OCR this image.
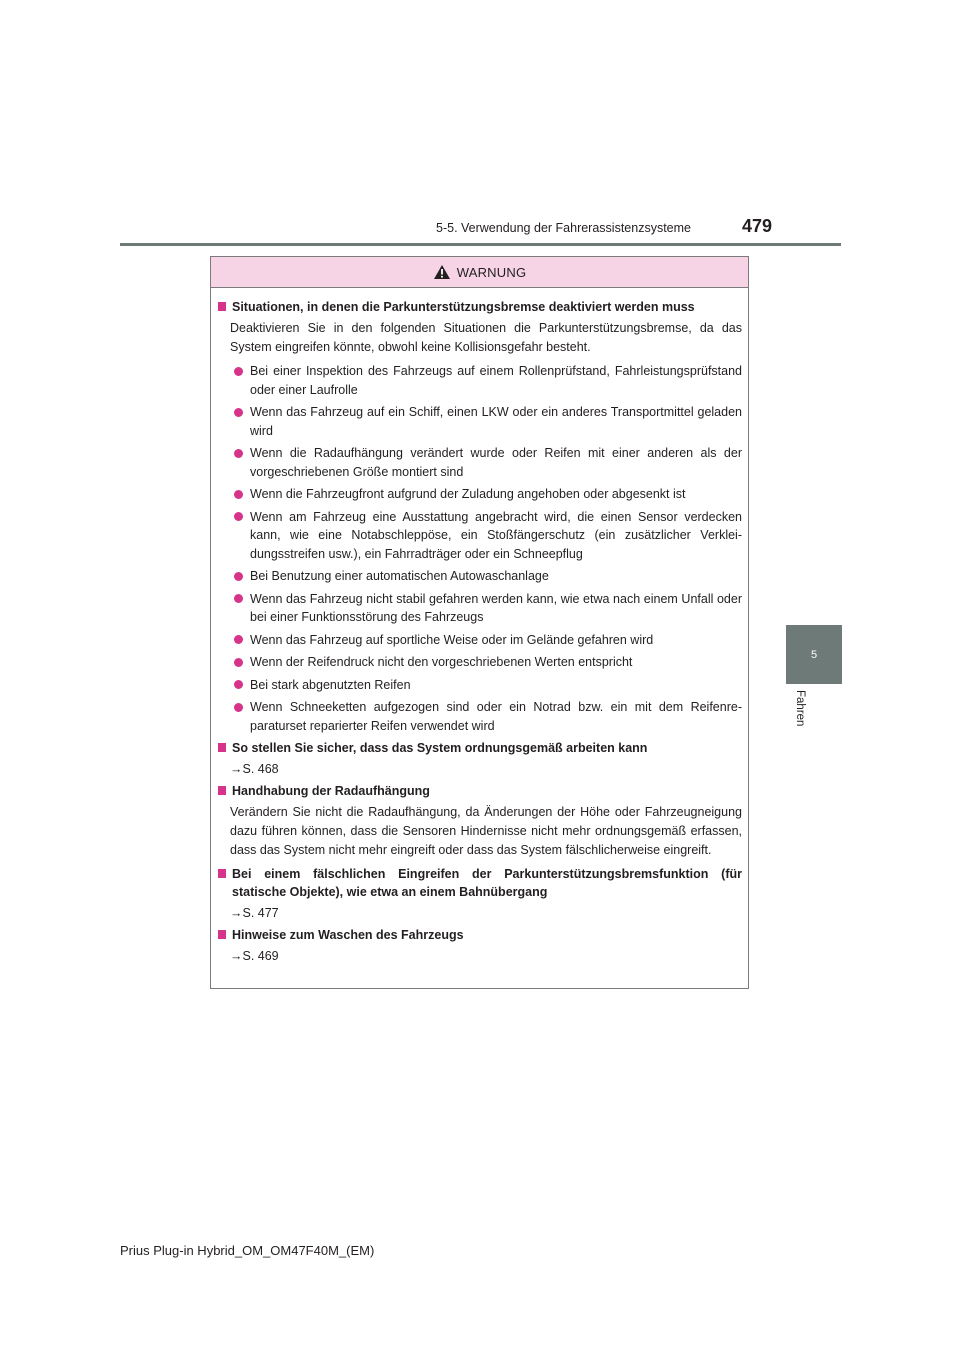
5-5. Verwendung der Fahrerassistenzsysteme	479
5
Fahren
WARNUNG
Situationen, in denen die Parkunterstützungsbremse deaktiviert werden muss
Deaktivieren Sie in den folgenden Situationen die Parkunterstützungsbremse, da das System eingreifen könnte, obwohl keine Kollisionsgefahr besteht.
Bei einer Inspektion des Fahrzeugs auf einem Rollenprüfstand, Fahrleistungsprüfstand oder einer Laufrolle
Wenn das Fahrzeug auf ein Schiff, einen LKW oder ein anderes Transportmittel geladen wird
Wenn die Radaufhängung verändert wurde oder Reifen mit einer anderen als der vorgeschriebenen Größe montiert sind
Wenn die Fahrzeugfront aufgrund der Zuladung angehoben oder abgesenkt ist
Wenn am Fahrzeug eine Ausstattung angebracht wird, die einen Sensor verdecken kann, wie eine Notabschleppöse, ein Stoßfängerschutz (ein zusätzlicher Verkleidungsstreifen usw.), ein Fahrradträger oder ein Schneepflug
Bei Benutzung einer automatischen Autowaschanlage
Wenn das Fahrzeug nicht stabil gefahren werden kann, wie etwa nach einem Unfall oder bei einer Funktionsstörung des Fahrzeugs
Wenn das Fahrzeug auf sportliche Weise oder im Gelände gefahren wird
Wenn der Reifendruck nicht den vorgeschriebenen Werten entspricht
Bei stark abgenutzten Reifen
Wenn Schneeketten aufgezogen sind oder ein Notrad bzw. ein mit dem Reifenreparaturset reparierter Reifen verwendet wird
So stellen Sie sicher, dass das System ordnungsgemäß arbeiten kann
→S. 468
Handhabung der Radaufhängung
Verändern Sie nicht die Radaufhängung, da Änderungen der Höhe oder Fahrzeugneigung dazu führen können, dass die Sensoren Hindernisse nicht mehr ordnungsgemäß erfassen, dass das System nicht mehr eingreift oder dass das System fälschlicherweise eingreift.
Bei einem fälschlichen Eingreifen der Parkunterstützungsbremsfunktion (für statische Objekte), wie etwa an einem Bahnübergang
→S. 477
Hinweise zum Waschen des Fahrzeugs
→S. 469
Prius Plug-in Hybrid_OM_OM47F40M_(EM)
